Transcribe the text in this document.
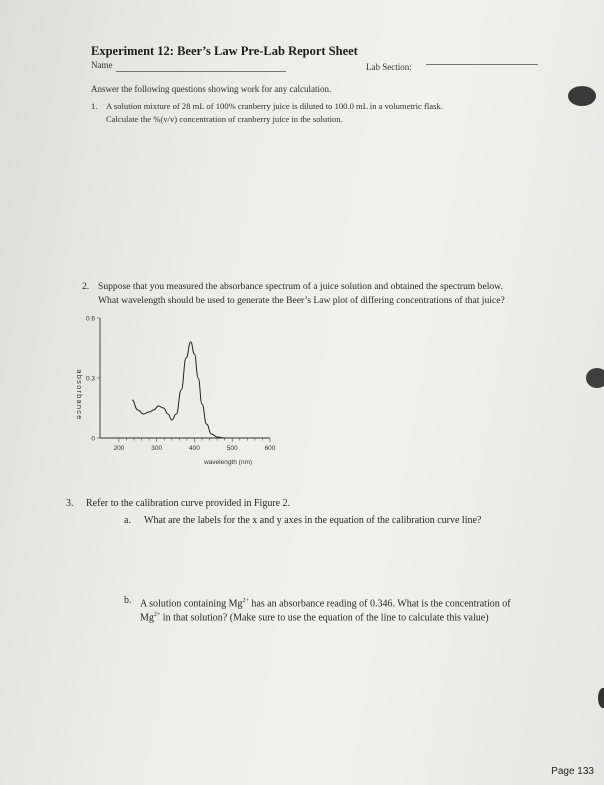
Experiment 12: Beer’s Law Pre-Lab Report Sheet
Name	Lab Section:
Answer the following questions showing work for any calculation.
1. A solution mixture of 28 mL of 100% cranberry juice is diluted to 100.0 mL in a volumetric flask.
Calculate the %(v/v) concentration of cranberry juice in the solution.
2. Suppose that you measured the absorbance spectrum of a juice solution and obtained the spectrum below.
What wavelength should be used to generate the Beer’s Law plot of differing concentrations of that juice?
200	300	400	500	600
0
0.3
0.6
absorbance
wavelength (nm)
3. Refer to the calibration curve provided in Figure 2.
a. What are the labels for the x and y axes in the equation of the calibration curve line?
b. A solution containing $Mg^{2+}$ has an absorbance reading of 0.346. What is the concentration of
$Mg^{2+}$ in that solution? (Make sure to use the equation of the line to calculate this value)
Page 133
